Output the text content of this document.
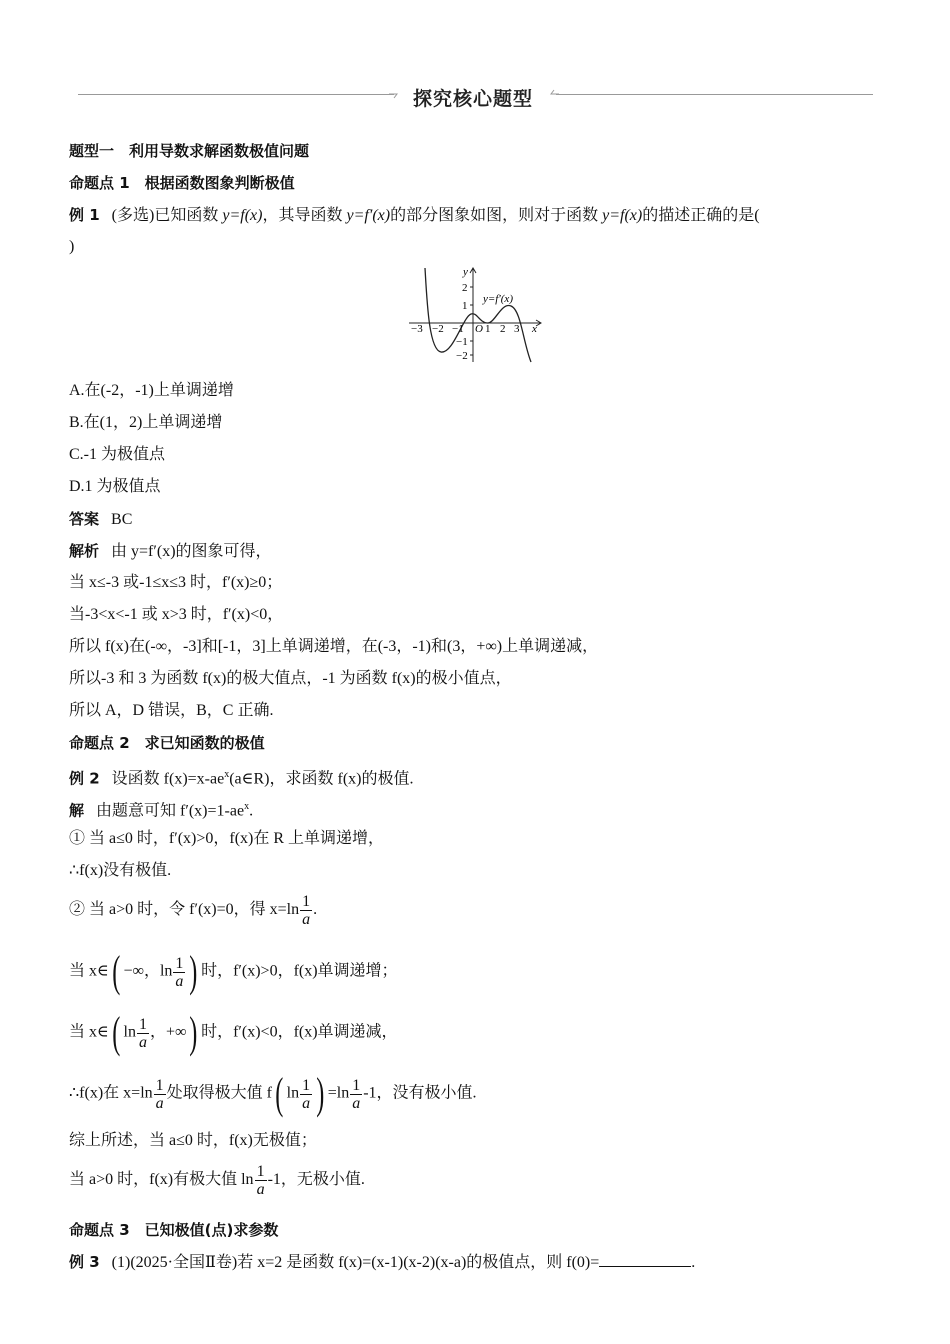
探究核心题型
题型一　利用导数求解函数极值问题
命题点 1　根据函数图象判断极值
例 1 (多选)已知函数 y=f(x)，其导函数 y=f′(x)的部分图象如图，则对于函数 y=f(x)的描述正确的是(
)
y
x
y=f′(x)
O
−3 −2 −1 1 2 3
2
1
−1
−2
A.在(-2，-1)上单调递增
B.在(1，2)上单调递增
C.-1 为极值点
D.1 为极值点
答案 BC
解析 由 y=f′(x)的图象可得，
当 x≤-3 或-1≤x≤3 时，f′(x)≥0；
当-3<x<-1 或 x>3 时，f′(x)<0，
所以 f(x)在(-∞，-3]和[-1，3]上单调递增，在(-3，-1)和(3，+∞)上单调递减，
所以-3 和 3 为函数 f(x)的极大值点，-1 为函数 f(x)的极小值点，
所以 A，D 错误，B，C 正确.
命题点 2　求已知函数的极值
例 2 设函数 $f(x)=x-ae^x(a\in R)$，求函数 f(x)的极值.
解 由题意可知 $f'(x)=1-ae^x$.
① 当 a≤0 时，f′(x)>0，f(x)在 R 上单调递增，
∴f(x)没有极值.
② 当 a>0 时，令 f′(x)=0，得 $x=\ln \frac{1}{a}$ .
当 x∈( −∞，$\ln \frac{1}{a}$ ) 时，f′(x)>0，f(x)单调递增；
当 x∈( $\ln \frac{1}{a}$ ，+∞) 时，f′(x)<0，f(x)单调递减，
∴f(x)在 $x=\ln \frac{1}{a}$ 处取得极大值 f( $\ln \frac{1}{a}$ ) $=\ln \frac{1}{a} -1$，没有极小值.
综上所述，当 a≤0 时，f(x)无极值；
当 a>0 时，f(x)有极大值 $\ln \frac{1}{a} -1$，无极小值.
命题点 3　已知极值(点)求参数
例 3 (1)(2025·全国Ⅱ卷)若 x=2 是函数 f(x)=(x-1)(x-2)(x-a)的极值点，则 f(0)=	.
